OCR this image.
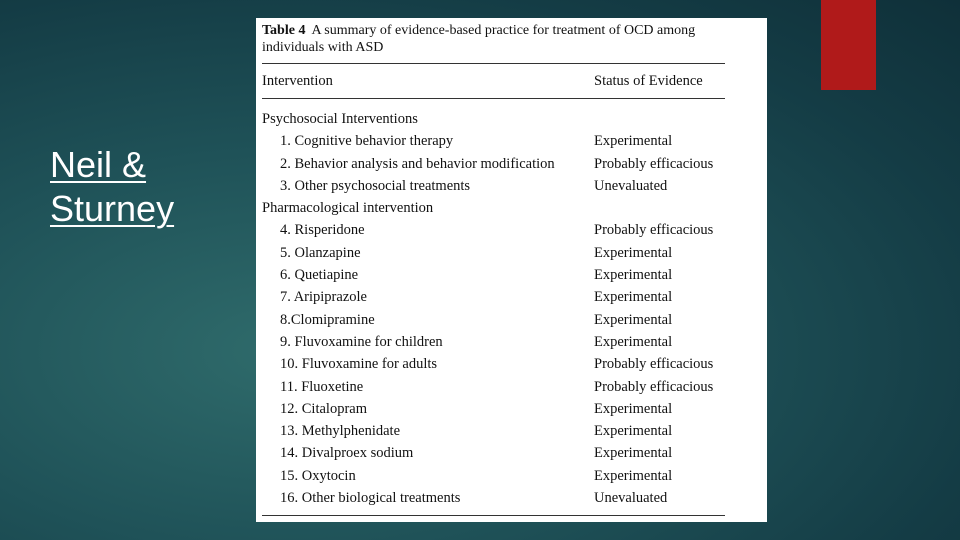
Neil &
Sturney
Table 4 A summary of evidence-based practice for treatment of OCD among individuals with ASD
Intervention	Status of Evidence
Psychosocial Interventions
1. Cognitive behavior therapy	Experimental
2. Behavior analysis and behavior modification	Probably efficacious
3. Other psychosocial treatments	Unevaluated
Pharmacological intervention
4. Risperidone	Probably efficacious
5. Olanzapine	Experimental
6. Quetiapine	Experimental
7. Aripiprazole	Experimental
8.Clomipramine	Experimental
9. Fluvoxamine for children	Experimental
10. Fluvoxamine for adults	Probably efficacious
11. Fluoxetine	Probably efficacious
12. Citalopram	Experimental
13. Methylphenidate	Experimental
14. Divalproex sodium	Experimental
15. Oxytocin	Experimental
16. Other biological treatments	Unevaluated
